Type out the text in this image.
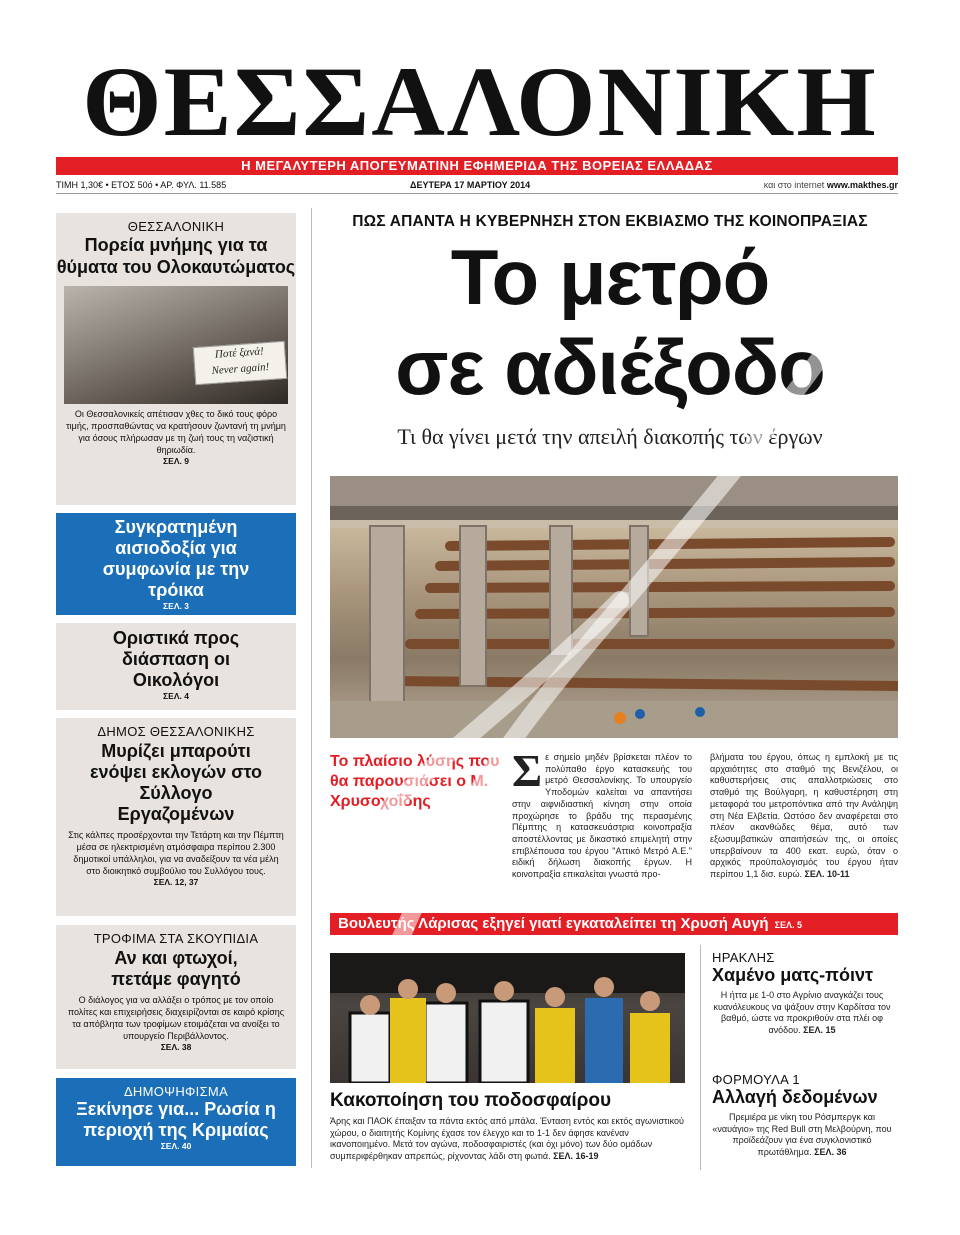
ΘΕΣΣΑΛΟΝΙΚΗ
Η ΜΕΓΑΛΥΤΕΡΗ ΑΠΟΓΕΥΜΑΤΙΝΗ ΕΦΗΜΕΡΙΔΑ ΤΗΣ ΒΟΡΕΙΑΣ ΕΛΛΑΔΑΣ
ΤΙΜΗ 1,30€ • ΕΤΟΣ 50ό • ΑΡ. ΦΥΛ. 11.585	ΔΕΥΤΕΡΑ 17 ΜΑΡΤΙΟΥ 2014	και στο internet www.makthes.gr
ΘΕΣΣΑΛΟΝΙΚΗ
Πορεία μνήμης για τα θύματα του Ολοκαυτώματος
Ποτέ ξανά!
Never again!
Οι Θεσσαλονικείς απέτισαν χθες το δικό τους φόρο τιμής, προσπαθώντας να κρατήσουν ζωντανή τη μνήμη για όσους πλήρωσαν με τη ζωή τους τη ναζιστική θηριωδία.
ΣΕΛ. 9
Συγκρατημένη αισιοδοξία για συμφωνία με την τρόικα
ΣΕΛ. 3
Οριστικά προς διάσπαση οι Οικολόγοι
ΣΕΛ. 4
ΔΗΜΟΣ ΘΕΣΣΑΛΟΝΙΚΗΣ
Μυρίζει μπαρούτι ενόψει εκλογών στο Σύλλογο Εργαζομένων
Στις κάλπες προσέρχονται την Τετάρτη και την Πέμπτη μέσα σε ηλεκτρισμένη ατμόσφαιρα περίπου 2.300 δημοτικοί υπάλληλοι, για να αναδείξουν τα νέα μέλη στο διοικητικό συμβούλιο του Συλλόγου τους.
ΣΕΛ. 12, 37
ΤΡΟΦΙΜΑ ΣΤΑ ΣΚΟΥΠΙΔΙΑ
Αν και φτωχοί, πετάμε φαγητό
Ο διάλογος για να αλλάξει ο τρόπος με τον οποίο πολίτες και επιχειρήσεις διαχειρίζονται σε καιρό κρίσης τα απόβλητα των τροφίμων ετοιμάζεται να ανοίξει το υπουργείο Περιβάλλοντος.
ΣΕΛ. 38
ΔΗΜΟΨΗΦΙΣΜΑ
Ξεκίνησε για... Ρωσία η περιοχή της Κριμαίας
ΣΕΛ. 40
ΠΩΣ ΑΠΑΝΤΑ Η ΚΥΒΕΡΝΗΣΗ ΣΤΟΝ ΕΚΒΙΑΣΜΟ ΤΗΣ ΚΟΙΝΟΠΡΑΞΙΑΣ
Το μετρό
σε αδιέξοδο
Τι θα γίνει μετά την απειλή διακοπής των έργων
Το πλαίσιο λύσης που θα παρουσιάσει ο Μ. Χρυσοχοΐδης
Σε σημείο μηδέν βρίσκεται πλέον το πολύπαθο έργο κατασκευής του μετρό Θεσσαλονίκης. Το υπουργείο Υποδομών καλείται να απαντήσει στην αιφνιδιαστική κίνηση στην οποία προχώρησε το βράδυ της περασμένης Πέμπτης η κατασκευάστρια κοινοπραξία αποστέλλοντας με δικαστικό επιμελητή στην επιβλέπουσα του έργου "Αττικό Μετρό Α.Ε." ειδική δήλωση διακοπής έργων. Η κοινοπραξία επικαλείται γνωστά προ-
βλήματα του έργου, όπως η εμπλοκή με τις αρχαιότητες στο σταθμό της Βενιζέλου, οι καθυστερήσεις στις απαλλοτριώσεις στο σταθμό της Βούλγαρη, η καθυστέρηση στη μεταφορά του μετροπόντικα από την Ανάληψη στη Νέα Ελβετία. Ωστόσο δεν αναφέρεται στο πλέον ακανθώδες θέμα, αυτό των εξωσυμβατικών απαιτήσεών της, οι οποίες υπερβαίνουν τα 400 εκατ. ευρώ, όταν ο αρχικός προϋπολογισμός του έργου ήταν περίπου 1,1 δισ. ευρώ. ΣΕΛ. 10-11
Βουλευτής Λάρισας εξηγεί γιατί εγκαταλείπει τη Χρυσή Αυγή ΣΕΛ. 5
Κακοποίηση του ποδοσφαίρου
Άρης και ΠΑΟΚ έπαιξαν τα πάντα εκτός από μπάλα. Ένταση εντός και εκτός αγωνιστικού χώρου, ο διαιτητής Κομίνης έχασε τον έλεγχο και το 1-1 δεν άφησε κανέναν ικανοποιημένο. Μετά τον αγώνα, ποδοσφαιριστές (και όχι μόνο) των δύο ομάδων συμπεριφέρθηκαν απρεπώς, ρίχνοντας λάδι στη φωτιά. ΣΕΛ. 16-19
ΗΡΑΚΛΗΣ
Χαμένο ματς-πόιντ
Η ήττα με 1-0 στο Αγρίνιο αναγκάζει τους κυανόλευκους να ψάξουν στην Καρδίτσα τον βαθμό, ώστε να προκριθούν στα πλέι οφ ανόδου. ΣΕΛ. 15
ΦΟΡΜΟΥΛΑ 1
Αλλαγή δεδομένων
Πρεμιέρα με νίκη του Ρόσμπεργκ και «ναυάγιο» της Red Bull στη Μελβούρνη, που προϊδεάζουν για ένα συγκλονιστικό πρωτάθλημα. ΣΕΛ. 36
